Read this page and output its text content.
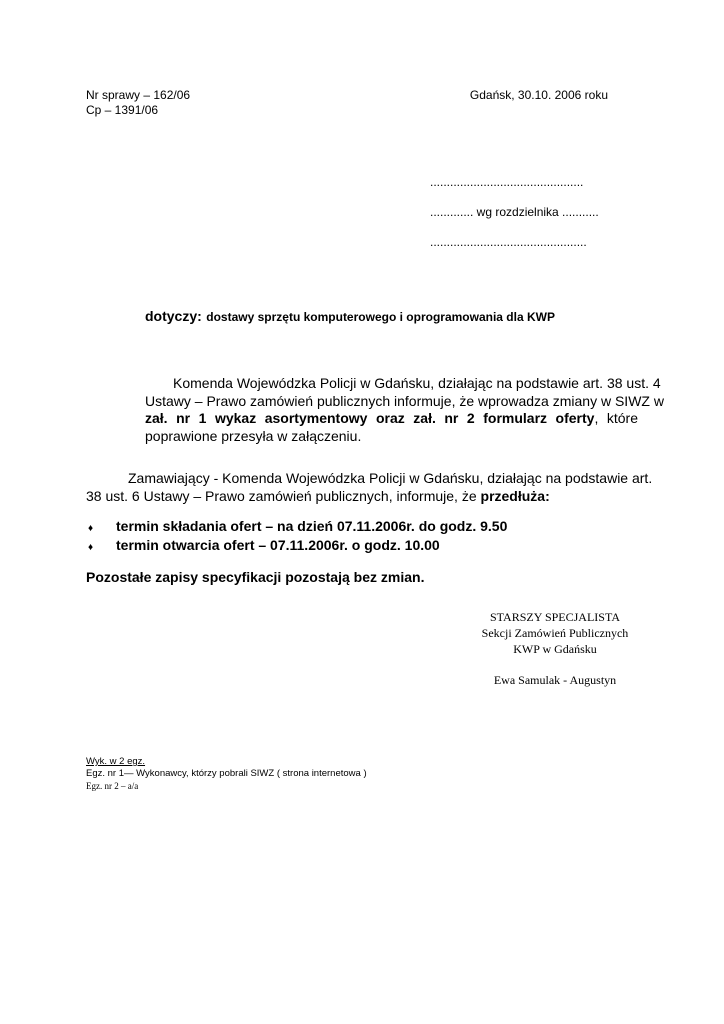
Nr sprawy – 162/06
Cp – 1391/06
Gdańsk, 30.10. 2006 roku
..............................................
............. wg rozdzielnika ...........
...............................................
dotyczy: dostawy sprzętu komputerowego i oprogramowania dla KWP
Komenda Wojewódzka Policji w Gdańsku, działając na podstawie art. 38 ust. 4
Ustawy – Prawo zamówień publicznych informuje, że wprowadza zmiany w SIWZ w
zał. nr 1 wykaz asortymentowy oraz zał. nr 2 formularz oferty, które
poprawione przesyła w załączeniu.
Zamawiający - Komenda Wojewódzka Policji w Gdańsku, działając na podstawie art.
38 ust. 6 Ustawy – Prawo zamówień publicznych, informuje, że przedłuża:
♦	termin składania ofert – na dzień 07.11.2006r. do godz. 9.50
♦	termin otwarcia ofert – 07.11.2006r. o godz. 10.00
Pozostałe zapisy specyfikacji pozostają bez zmian.
STARSZY SPECJALISTA
Sekcji Zamówień Publicznych
KWP w Gdańsku
Ewa Samulak - Augustyn
Wyk. w 2 egz.
Egz. nr 1— Wykonawcy, którzy pobrali SIWZ ( strona internetowa )
Egz. nr 2 – a/a
